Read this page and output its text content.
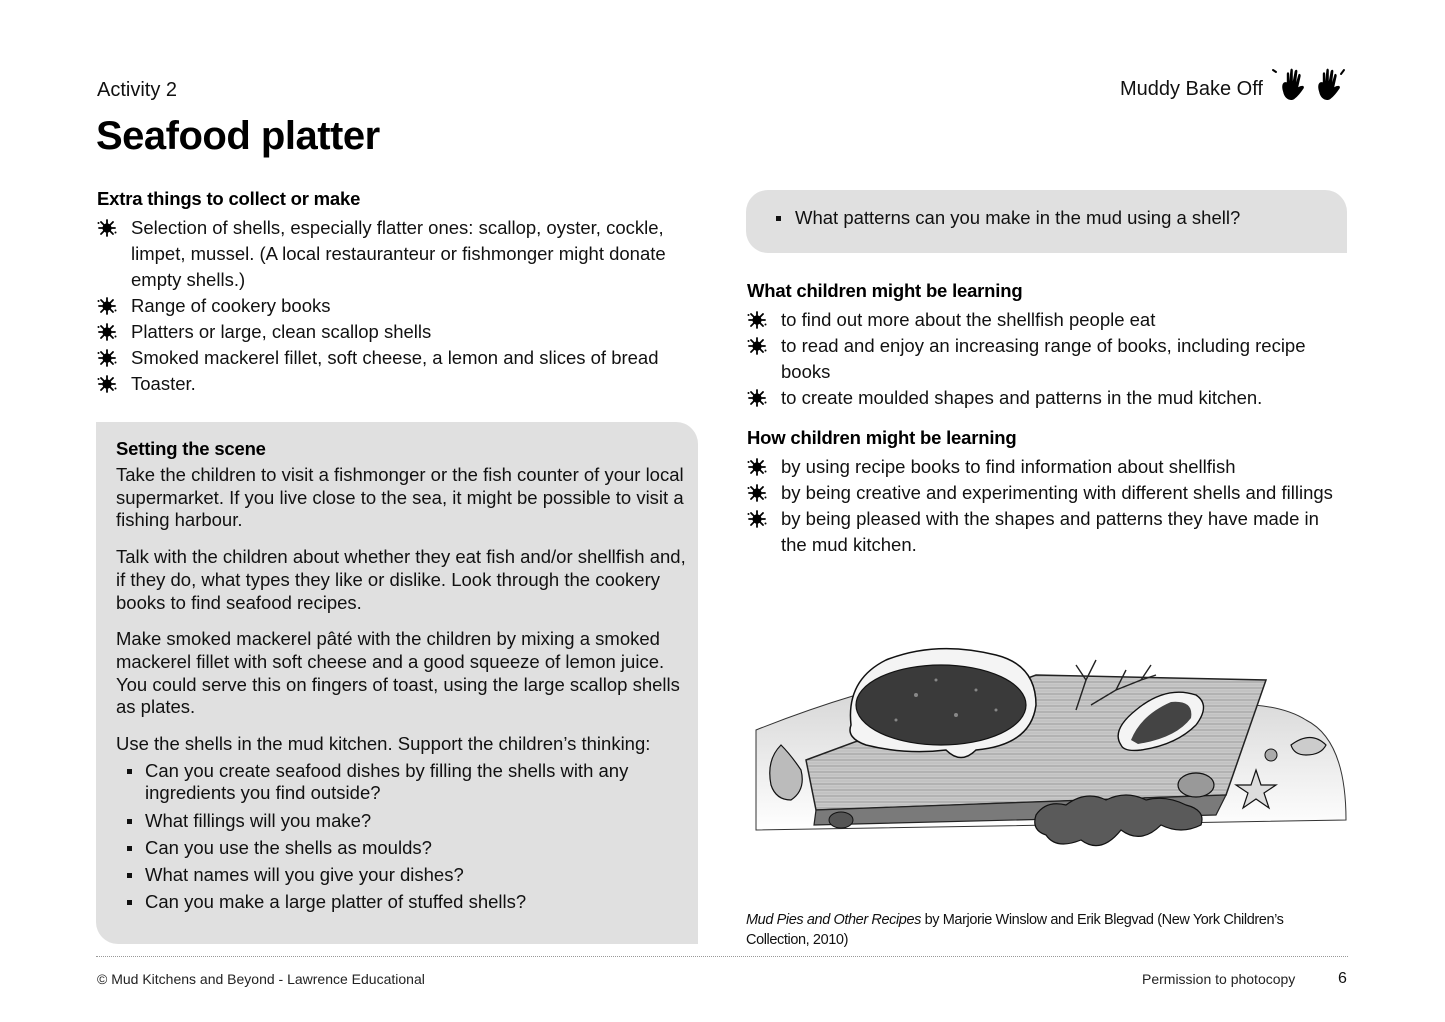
Activity 2
Seafood platter
Muddy Bake Off
Extra things to collect or make
Selection of shells, especially flatter ones: scallop, oyster, cockle, limpet, mussel. (A local restauranteur or fishmonger might donate empty shells.)
Range of cookery books
Platters or large, clean scallop shells
Smoked mackerel fillet, soft cheese, a lemon and slices of bread
Toaster.
Setting the scene

Take the children to visit a fishmonger or the fish counter of your local supermarket. If you live close to the sea, it might be possible to visit a fishing harbour.

Talk with the children about whether they eat fish and/or shellfish and, if they do, what types they like or dislike. Look through the cookery books to find seafood recipes.

Make smoked mackerel pâté with the children by mixing a smoked mackerel fillet with soft cheese and a good squeeze of lemon juice. You could serve this on fingers of toast, using the large scallop shells as plates.

Use the shells in the mud kitchen. Support the children’s thinking:

Can you create seafood dishes by filling the shells with any ingredients you find outside?
What fillings will you make?
Can you use the shells as moulds?
What names will you give your dishes?
Can you make a large platter of stuffed shells?
What patterns can you make in the mud using a shell?
What children might be learning
to find out more about the shellfish people eat
to read and enjoy an increasing range of books, including recipe books
to create moulded shapes and patterns in the mud kitchen.
How children might be learning
by using recipe books to find information about shellfish
by being creative and experimenting with different shells and fillings
by being pleased with the shapes and patterns they have made in the mud kitchen.
Mud Pies and Other Recipes by Marjorie Winslow and Erik Blegvad (New York Children’s Collection, 2010)
© Mud Kitchens and Beyond - Lawrence Educational	Permission to photocopy	6
